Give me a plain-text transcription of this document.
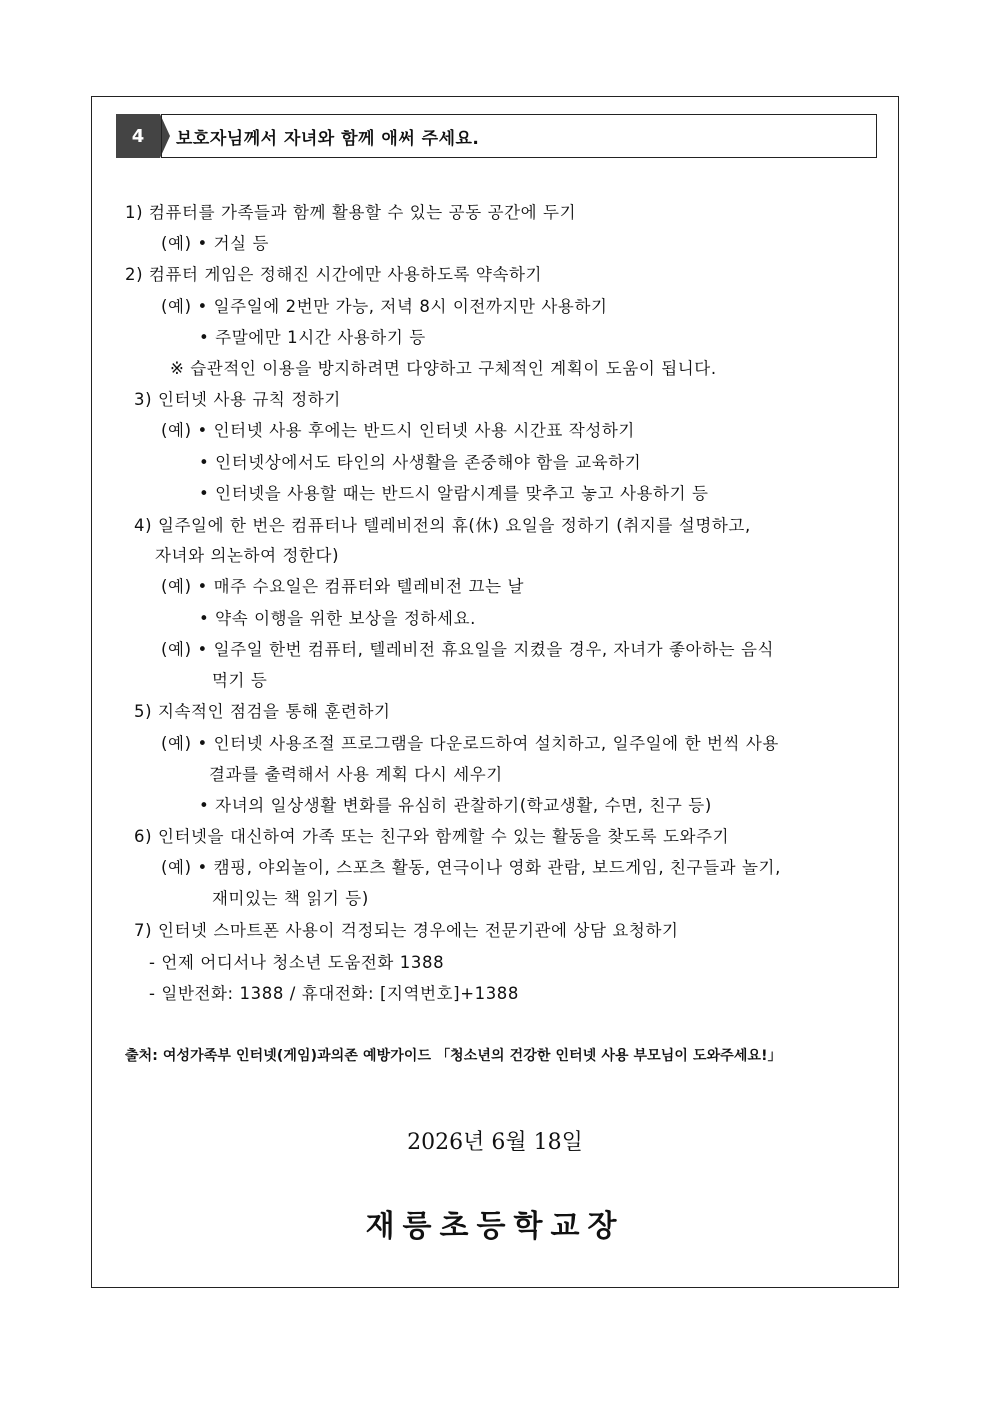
4	보호자님께서 자녀와 함께 애써 주세요.
1) 컴퓨터를 가족들과 함께 활용할 수 있는 공동 공간에 두기
(예) • 거실 등
2) 컴퓨터 게임은 정해진 시간에만 사용하도록 약속하기
(예) • 일주일에 2번만 가능, 저녁 8시 이전까지만 사용하기
• 주말에만 1시간 사용하기 등
※ 습관적인 이용을 방지하려면 다양하고 구체적인 계획이 도움이 됩니다.
3) 인터넷 사용 규칙 정하기
(예) • 인터넷 사용 후에는 반드시 인터넷 사용 시간표 작성하기
• 인터넷상에서도 타인의 사생활을 존중해야 함을 교육하기
• 인터넷을 사용할 때는 반드시 알람시계를 맞추고 놓고 사용하기 등
4) 일주일에 한 번은 컴퓨터나 텔레비전의 휴(休) 요일을 정하기 (취지를 설명하고,
자녀와 의논하여 정한다)
(예) • 매주 수요일은 컴퓨터와 텔레비전 끄는 날
• 약속 이행을 위한 보상을 정하세요.
(예) • 일주일 한번 컴퓨터, 텔레비전 휴요일을 지켰을 경우, 자녀가 좋아하는 음식
먹기 등
5) 지속적인 점검을 통해 훈련하기
(예) • 인터넷 사용조절 프로그램을 다운로드하여 설치하고, 일주일에 한 번씩 사용
결과를 출력해서 사용 계획 다시 세우기
• 자녀의 일상생활 변화를 유심히 관찰하기(학교생활, 수면, 친구 등)
6) 인터넷을 대신하여 가족 또는 친구와 함께할 수 있는 활동을 찾도록 도와주기
(예) • 캠핑, 야외놀이, 스포츠 활동, 연극이나 영화 관람, 보드게임, 친구들과 놀기,
재미있는 책 읽기 등)
7) 인터넷 스마트폰 사용이 걱정되는 경우에는 전문기관에 상담 요청하기
- 언제 어디서나 청소년 도움전화 1388
- 일반전화: 1388 / 휴대전화: [지역번호]+1388
출처: 여성가족부 인터넷(게임)과의존 예방가이드 「청소년의 건강한 인터넷 사용 부모님이 도와주세요!」
2026년 6월 18일
재릉초등학교장
